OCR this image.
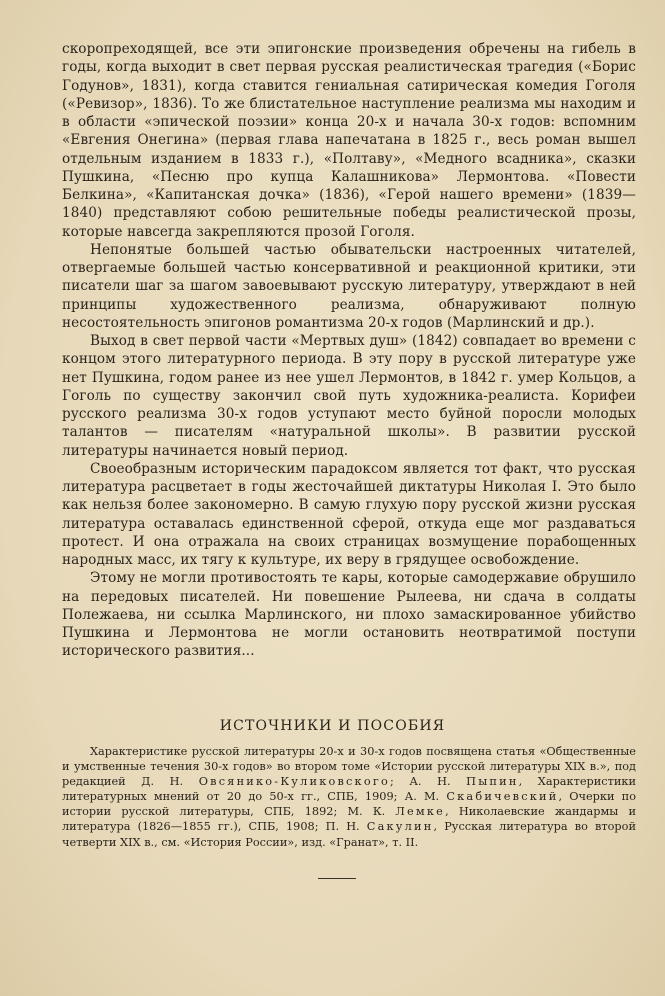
скоропреходящей, все эти эпигонские произведения обречены на гибель в годы, когда выходит в свет первая русская реалистическая трагедия («Борис Годунов», 1831), когда ставится гениальная сатирическая комедия Гоголя («Ревизор», 1836). То же блистательное наступление реализма мы находим и в области «эпической поэзии» конца 20-х и начала 30-х годов: вспомним «Евгения Онегина» (первая глава напечатана в 1825 г., весь роман вышел отдельным изданием в 1833 г.), «Полтаву», «Медного всадника», сказки Пушкина, «Песню про купца Калашникова» Лермонтова. «Повести Белкина», «Капитанская дочка» (1836), «Герой нашего времени» (1839—1840) представляют собою решительные победы реалистической прозы, которые навсегда закрепляются прозой Гоголя.

Непонятые большей частью обывательски настроенных читателей, отвергаемые большей частью консервативной и реакционной критики, эти писатели шаг за шагом завоевывают русскую литературу, утверждают в ней принципы художественного реализма, обнаруживают полную несостоятельность эпигонов романтизма 20-х годов (Марлинский и др.).

Выход в свет первой части «Мертвых душ» (1842) совпадает во времени с концом этого литературного периода. В эту пору в русской литературе уже нет Пушкина, годом ранее из нее ушел Лермонтов, в 1842 г. умер Кольцов, а Гоголь по существу закончил свой путь художника-реалиста. Корифеи русского реализма 30-х годов уступают место буйной поросли молодых талантов — писателям «натуральной школы». В развитии русской литературы начинается новый период.

Своеобразным историческим парадоксом является тот факт, что русская литература расцветает в годы жесточайшей диктатуры Николая I. Это было как нельзя более закономерно. В самую глухую пору русской жизни русская литература оставалась единственной сферой, откуда еще мог раздаваться протест. И она отражала на своих страницах возмущение порабощенных народных масс, их тягу к культуре, их веру в грядущее освобождение.

Этому не могли противостоять те кары, которые самодержавие обрушило на передовых писателей. Ни повешение Рылеева, ни сдача в солдаты Полежаева, ни ссылка Марлинского, ни плохо замаскированное убийство Пушкина и Лермонтова не могли остановить неотвратимой поступи исторического развития...

ИСТОЧНИКИ И ПОСОБИЯ

Характеристике русской литературы 20-х и 30-х годов посвящена статья «Общественные и умственные течения 30-х годов» во втором томе «Истории русской литературы XIX в.», под редакцией Д. Н. Овсянико-Куликовского; А. Н. Пыпин, Характеристики литературных мнений от 20 до 50-х гг., СПБ, 1909; А. М. Скабичевский, Очерки по истории русской литературы, СПБ, 1892; М. К. Лемке, Николаевские жандармы и литература (1826—1855 гг.), СПБ, 1908; П. Н. Сакулин, Русская литература во второй четверти XIX в., см. «История России», изд. «Гранат», т. II.
